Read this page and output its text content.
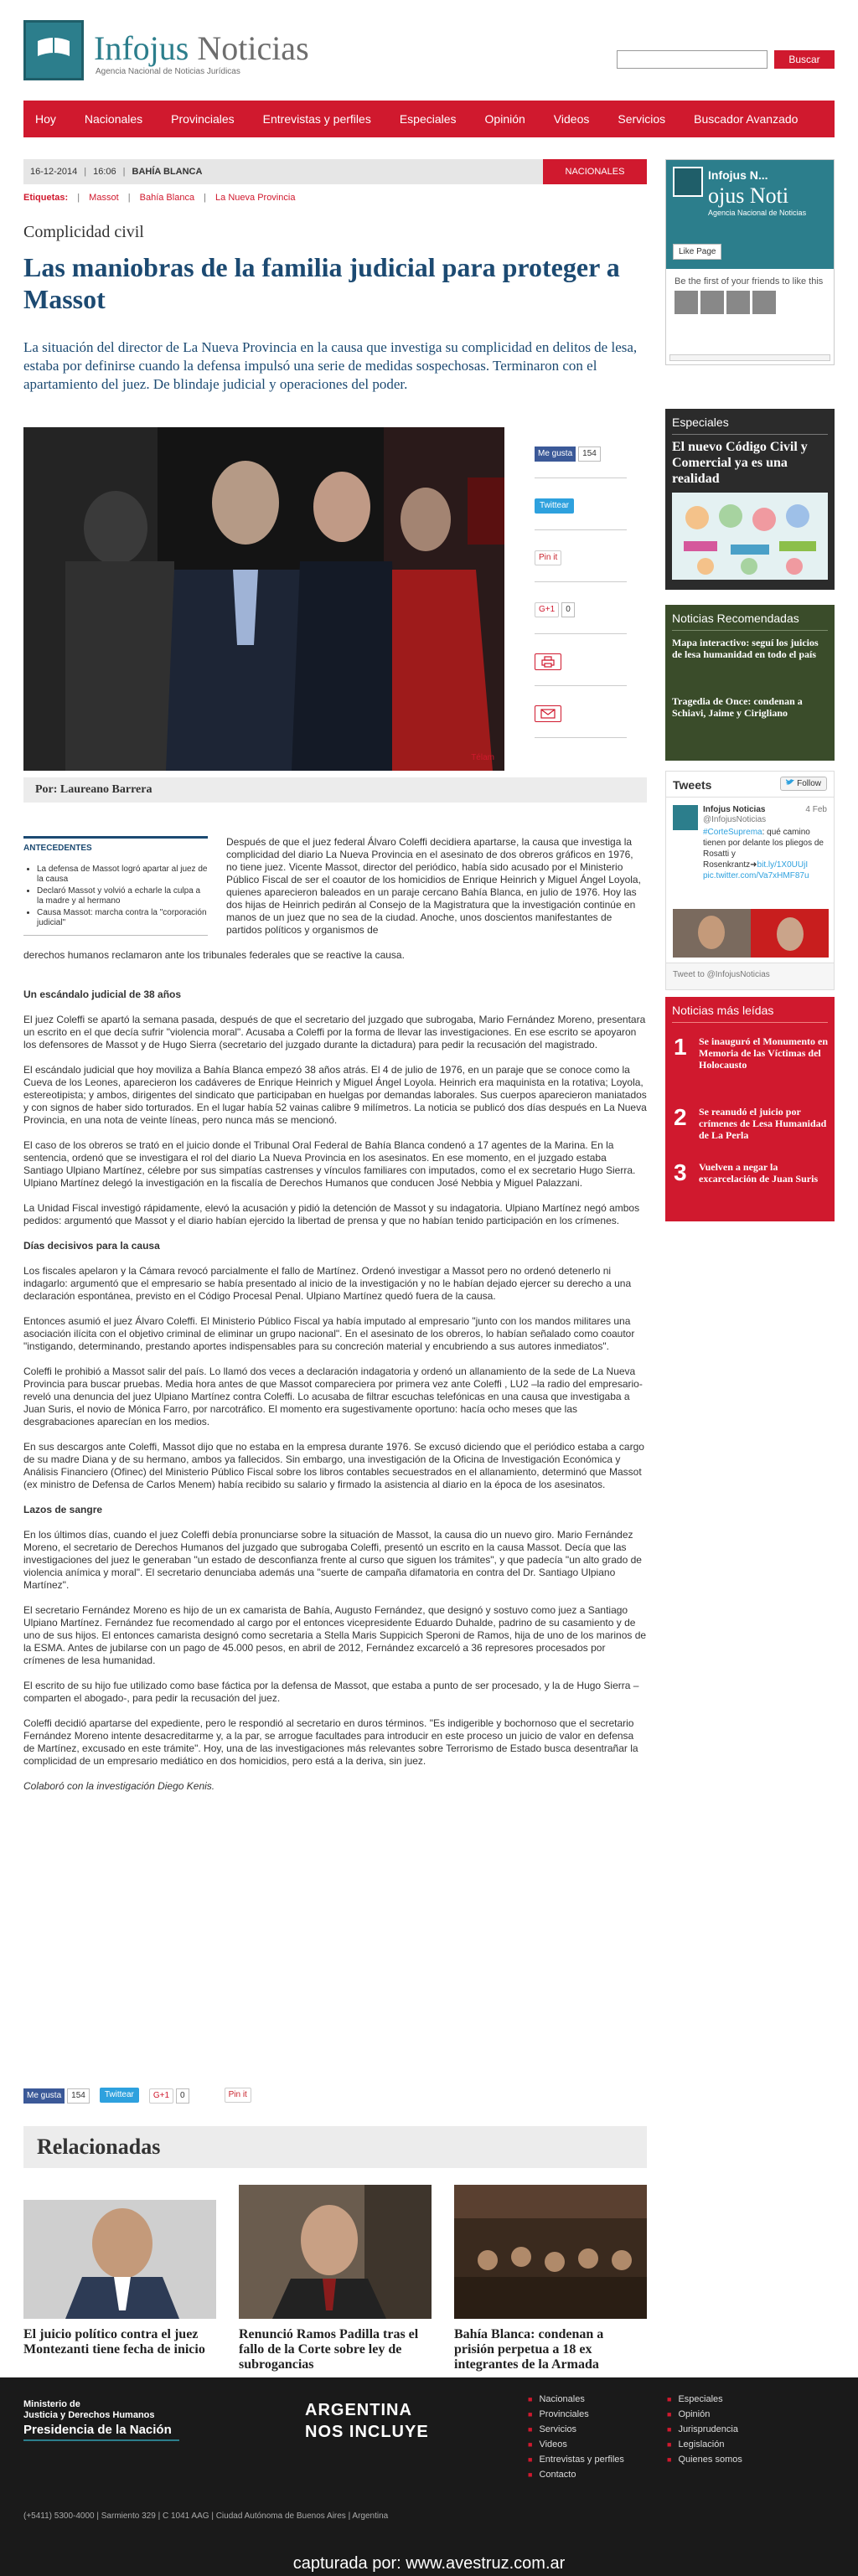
Infojus Noticias
Agencia Nacional de Noticias Jurídicas
Buscar
Hoy Nacionales Provinciales Entrevistas y perfiles Especiales Opinión Videos Servicios Buscador Avanzado
16-12-2014 | 16:06 | BAHÍA BLANCA	NACIONALES
Etiquetas: | Massot | Bahía Blanca | La Nueva Provincia
Complicidad civil
Las maniobras de la familia judicial para proteger a Massot
La situación del director de La Nueva Provincia en la causa que investiga su complicidad en delitos de lesa, estaba por definirse cuando la defensa impulsó una serie de medidas sospechosas. Terminaron con el apartamiento del juez. De blindaje judicial y operaciones del poder.
Télam
Me gusta 154
Twittear
Pin it
G+1 0
Por: Laureano Barrera
ANTECEDENTES
• La defensa de Massot logró apartar al juez de la causa
• Declaró Massot y volvió a echarle la culpa a la madre y al hermano
• Causa Massot: marcha contra la "corporación judicial"
Después de que el juez federal Álvaro Coleffi decidiera apartarse, la causa que investiga la complicidad del diario La Nueva Provincia en el asesinato de dos obreros gráficos en 1976, no tiene juez. Vicente Massot, director del periódico, había sido acusado por el Ministerio Público Fiscal de ser el coautor de los homicidios de Enrique Heinrich y Miguel Ángel Loyola, quienes aparecieron baleados en un paraje cercano Bahía Blanca, en julio de 1976. Hoy las dos hijas de Heinrich pedirán al Consejo de la Magistratura que la investigación continúe en manos de un juez que no sea de la ciudad. Anoche, unos doscientos manifestantes de partidos políticos y organismos de
derechos humanos reclamaron ante los tribunales federales que se reactive la causa.
Un escándalo judicial de 38 años

El juez Coleffi se apartó la semana pasada, después de que el secretario del juzgado que subrogaba, Mario Fernández Moreno, presentara un escrito en el que decía sufrir "violencia moral". Acusaba a Coleffi por la forma de llevar las investigaciones. En ese escrito se apoyaron los defensores de Massot y de Hugo Sierra (secretario del juzgado durante la dictadura) para pedir la recusación del magistrado.

El escándalo judicial que hoy moviliza a Bahía Blanca empezó 38 años atrás. El 4 de julio de 1976, en un paraje que se conoce como la Cueva de los Leones, aparecieron los cadáveres de Enrique Heinrich y Miguel Ángel Loyola. Heinrich era maquinista en la rotativa; Loyola, estereotipista; y ambos, dirigentes del sindicato que participaban en huelgas por demandas laborales. Sus cuerpos aparecieron maniatados y con signos de haber sido torturados. En el lugar había 52 vainas calibre 9 milímetros. La noticia se publicó dos días después en La Nueva Provincia, en una nota de veinte líneas, pero nunca más se mencionó.

El caso de los obreros se trató en el juicio donde el Tribunal Oral Federal de Bahía Blanca condenó a 17 agentes de la Marina. En la sentencia, ordenó que se investigara el rol del diario La Nueva Provincia en los asesinatos. En ese momento, en el juzgado estaba Santiago Ulpiano Martínez, célebre por sus simpatías castrenses y vínculos familiares con imputados, como el ex secretario Hugo Sierra. Ulpiano Martínez delegó la investigación en la fiscalía de Derechos Humanos que conducen José Nebbia y Miguel Palazzani.

La Unidad Fiscal investigó rápidamente, elevó la acusación y pidió la detención de Massot y su indagatoria. Ulpiano Martínez negó ambos pedidos: argumentó que Massot y el diario habían ejercido la libertad de prensa y que no habían tenido participación en los crímenes.

Días decisivos para la causa

Los fiscales apelaron y la Cámara revocó parcialmente el fallo de Martínez. Ordenó investigar a Massot pero no ordenó detenerlo ni indagarlo: argumentó que el empresario se había presentado al inicio de la investigación y no le habían dejado ejercer su derecho a una declaración espontánea, previsto en el Código Procesal Penal. Ulpiano Martínez quedó fuera de la causa.

Entonces asumió el juez Álvaro Coleffi. El Ministerio Público Fiscal ya había imputado al empresario "junto con los mandos militares una asociación ilícita con el objetivo criminal de eliminar un grupo nacional". En el asesinato de los obreros, lo habían señalado como coautor "instigando, determinando, prestando aportes indispensables para su concreción material y encubriendo a sus autores inmediatos".

Coleffi le prohibió a Massot salir del país. Lo llamó dos veces a declaración indagatoria y ordenó un allanamiento de la sede de La Nueva Provincia para buscar pruebas. Media hora antes de que Massot compareciera por primera vez ante Coleffi , LU2 –la radio del empresario- reveló una denuncia del juez Ulpiano Martínez contra Coleffi. Lo acusaba de filtrar escuchas telefónicas en una causa que investigaba a Juan Suris, el novio de Mónica Farro, por narcotráfico. El momento era sugestivamente oportuno: hacía ocho meses que las desgrabaciones aparecían en los medios.

En sus descargos ante Coleffi, Massot dijo que no estaba en la empresa durante 1976. Se excusó diciendo que el periódico estaba a cargo de su madre Diana y de su hermano, ambos ya fallecidos. Sin embargo, una investigación de la Oficina de Investigación Económica y Análisis Financiero (Ofinec) del Ministerio Público Fiscal sobre los libros contables secuestrados en el allanamiento, determinó que Massot (ex ministro de Defensa de Carlos Menem) había recibido su salario y firmado la asistencia al diario en la época de los asesinatos.

Lazos de sangre

En los últimos días, cuando el juez Coleffi debía pronunciarse sobre la situación de Massot, la causa dio un nuevo giro. Mario Fernández Moreno, el secretario de Derechos Humanos del juzgado que subrogaba Coleffi, presentó un escrito en la causa Massot. Decía que las investigaciones del juez le generaban "un estado de desconfianza frente al curso que siguen los trámites", y que padecía "un alto grado de violencia anímica y moral". El secretario denunciaba además una "suerte de campaña difamatoria en contra del Dr. Santiago Ulpiano Martínez".

El secretario Fernández Moreno es hijo de un ex camarista de Bahía, Augusto Fernández, que designó y sostuvo como juez a Santiago Ulpiano Martínez. Fernández fue recomendado al cargo por el entonces vicepresidente Eduardo Duhalde, padrino de su casamiento y de uno de sus hijos. El entonces camarista designó como secretaria a Stella Maris Suppicich Speroni de Ramos, hija de uno de los marinos de la ESMA. Antes de jubilarse con un pago de 45.000 pesos, en abril de 2012, Fernández excarceló a 36 represores procesados por crímenes de lesa humanidad.

El escrito de su hijo fue utilizado como base fáctica por la defensa de Massot, que estaba a punto de ser procesado, y la de Hugo Sierra –comparten el abogado-, para pedir la recusación del juez.

Coleffi decidió apartarse del expediente, pero le respondió al secretario en duros términos. "Es indigerible y bochornoso que el secretario Fernández Moreno intente desacreditarme y, a la par, se arrogue facultades para introducir en este proceso un juicio de valor en defensa de Martínez, excusado en este trámite". Hoy, una de las investigaciones más relevantes sobre Terrorismo de Estado busca desentrañar la complicidad de un empresario mediático en dos homicidios, pero está a la deriva, sin juez.

Colaboró con la investigación Diego Kenis.

Me gusta 154	Twittear	G+1 0	Pin it
Relacionadas
El juicio político contra el juez Montezanti tiene fecha de inicio
Renunció Ramos Padilla tras el fallo de la Corte sobre ley de subrogancias
Bahía Blanca: condenan a prisión perpetua a 18 ex integrantes de la Armada
Infojus N...
ojus Noti
Agencia Nacional de Noticias
Like Page
Be the first of your friends to like this
Especiales
El nuevo Código Civil y Comercial ya es una realidad
Noticias Recomendadas
Mapa interactivo: seguí los juicios de lesa humanidad en todo el país
Tragedia de Once: condenan a Schiavi, Jaime y Cirigliano
Tweets	Follow
Infojus Noticias
@InfojusNoticias
4 Feb
#CorteSuprema: qué camino tienen por delante los pliegos de Rosatti y Rosenkrantz➜bit.ly/1X0UUjI
pic.twitter.com/Va7xHMF87u
Tweet to @InfojusNoticias
Noticias más leídas
1 Se inauguró el Monumento en Memoria de las Víctimas del Holocausto
2 Se reanudó el juicio por crímenes de Lesa Humanidad de La Perla
3 Vuelven a negar la excarcelación de Juan Suris
Ministerio de
Justicia y Derechos Humanos
Presidencia de la Nación
ARGENTINA
NOS INCLUYE
(+5411) 5300-4000 | Sarmiento 329 | C 1041 AAG | Ciudad Autónoma de Buenos Aires | Argentina
■ Nacionales
■ Provinciales
■ Servicios
■ Videos
■ Entrevistas y perfiles
■ Contacto
■ Especiales
■ Opinión
■ Jurisprudencia
■ Legislación
■ Quienes somos
capturada por: www.avestruz.com.ar
